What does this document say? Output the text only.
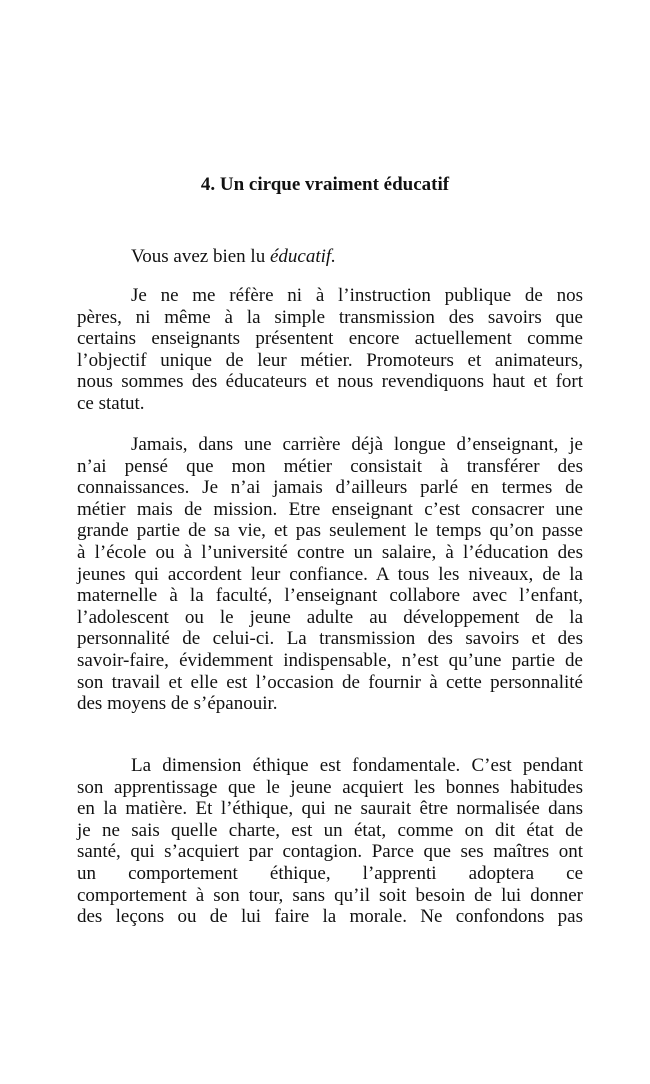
4. Un cirque vraiment éducatif
Vous avez bien lu éducatif.
Je ne me réfère ni à l’instruction publique de nos
pères, ni même à la simple transmission des savoirs que
certains enseignants présentent encore actuellement comme
l’objectif unique de leur métier. Promoteurs et animateurs,
nous sommes des éducateurs et nous revendiquons haut et fort
ce statut.
Jamais, dans une carrière déjà longue d’enseignant, je
n’ai pensé que mon métier consistait à transférer des
connaissances. Je n’ai jamais d’ailleurs parlé en termes de
métier mais de mission. Etre enseignant c’est consacrer une
grande partie de sa vie, et pas seulement le temps qu’on passe
à l’école ou à l’université contre un salaire, à l’éducation des
jeunes qui accordent leur confiance. A tous les niveaux, de la
maternelle à la faculté, l’enseignant collabore avec l’enfant,
l’adolescent ou le jeune adulte au développement de la
personnalité de celui-ci. La transmission des savoirs et des
savoir-faire, évidemment indispensable, n’est qu’une partie de
son travail et elle est l’occasion de fournir à cette personnalité
des moyens de s’épanouir.
La dimension éthique est fondamentale. C’est pendant
son apprentissage que le jeune acquiert les bonnes habitudes
en la matière. Et l’éthique, qui ne saurait être normalisée dans
je ne sais quelle charte, est un état, comme on dit état de
santé, qui s’acquiert par contagion. Parce que ses maîtres ont
un comportement éthique, l’apprenti adoptera ce
comportement à son tour, sans qu’il soit besoin de lui donner
des leçons ou de lui faire la morale. Ne confondons pas
